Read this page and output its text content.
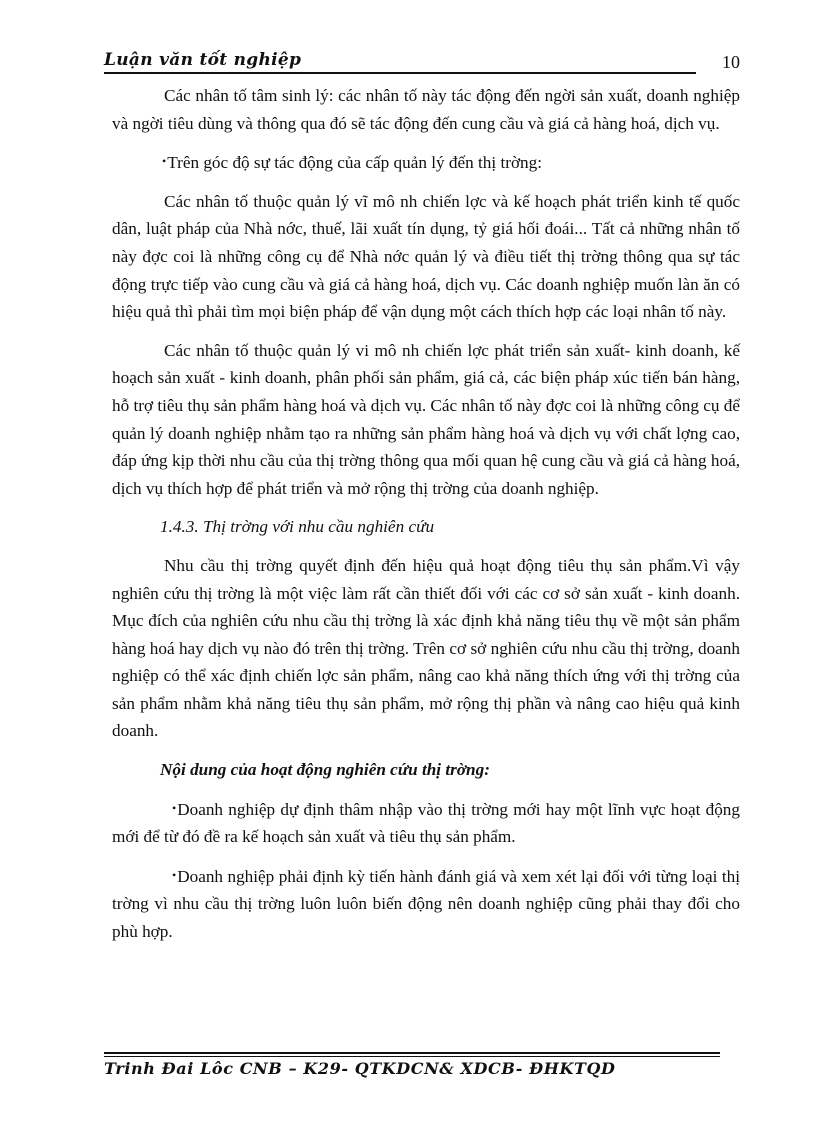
Luận văn tốt nghiệp	10

Các nhân tố tâm sinh lý: các nhân tố này tác động đến ngời sản xuất, doanh nghiệp và ngời tiêu dùng và thông qua đó sẽ tác động đến cung cầu và giá cả hàng hoá, dịch vụ.

•Trên góc độ sự tác động của cấp quản lý đến thị trờng:

Các nhân tố thuộc quản lý vĩ mô nh chiến lợc và kế hoạch phát triển kinh tế quốc dân, luật pháp của Nhà nớc, thuế, lãi xuất tín dụng, tỷ giá hối đoái... Tất cả những nhân tố này đợc coi là những công cụ để Nhà nớc quản lý và điều tiết thị trờng thông qua sự tác động trực tiếp vào cung cầu và giá cả hàng hoá, dịch vụ. Các doanh nghiệp muốn làn ăn có hiệu quả thì phải tìm mọi biện pháp để vận dụng một cách thích hợp các loại nhân tố này.

Các nhân tố thuộc quản lý vi mô nh chiến lợc phát triển sản xuất- kinh doanh, kế hoạch sản xuất - kinh doanh, phân phối sản phẩm, giá cả, các biện pháp xúc tiến bán hàng, hỗ trợ tiêu thụ sản phẩm hàng hoá và dịch vụ. Các nhân tố này đợc coi là những công cụ để quản lý doanh nghiệp nhằm tạo ra những sản phẩm hàng hoá và dịch vụ với chất lợng cao, đáp ứng kịp thời nhu cầu của thị trờng thông qua mối quan hệ cung cầu và giá cả hàng hoá, dịch vụ thích hợp để phát triển và mở rộng thị trờng của doanh nghiệp.

1.4.3. Thị trờng với nhu cầu nghiên cứu

Nhu cầu thị trờng quyết định đến hiệu quả hoạt động tiêu thụ sản phẩm.Vì vậy nghiên cứu thị trờng là một việc làm rất cần thiết đối với các cơ sở sản xuất - kinh doanh. Mục đích của nghiên cứu nhu cầu thị trờng là xác định khả năng tiêu thụ về một sản phẩm hàng hoá hay dịch vụ nào đó trên thị trờng. Trên cơ sở nghiên cứu nhu cầu thị trờng, doanh nghiệp có thể xác định chiến lợc sản phẩm, nâng cao khả năng thích ứng với thị trờng của sản phẩm nhằm khả năng tiêu thụ sản phẩm, mở rộng thị phần và nâng cao hiệu quả kinh doanh.

Nội dung của hoạt động nghiên cứu thị trờng:

•Doanh nghiệp dự định thâm nhập vào thị trờng mới hay một lĩnh vực hoạt động mới để từ đó đề ra kế hoạch sản xuất và tiêu thụ sản phẩm.

•Doanh nghiệp phải định kỳ tiến hành đánh giá và xem xét lại đối với từng loại thị trờng vì nhu cầu thị trờng luôn luôn biến động nên doanh nghiệp cũng phải thay đổi cho phù hợp.

Trinh Đai Lôc CNB – K29- QTKDCN& XDCB- ĐHKTQD
